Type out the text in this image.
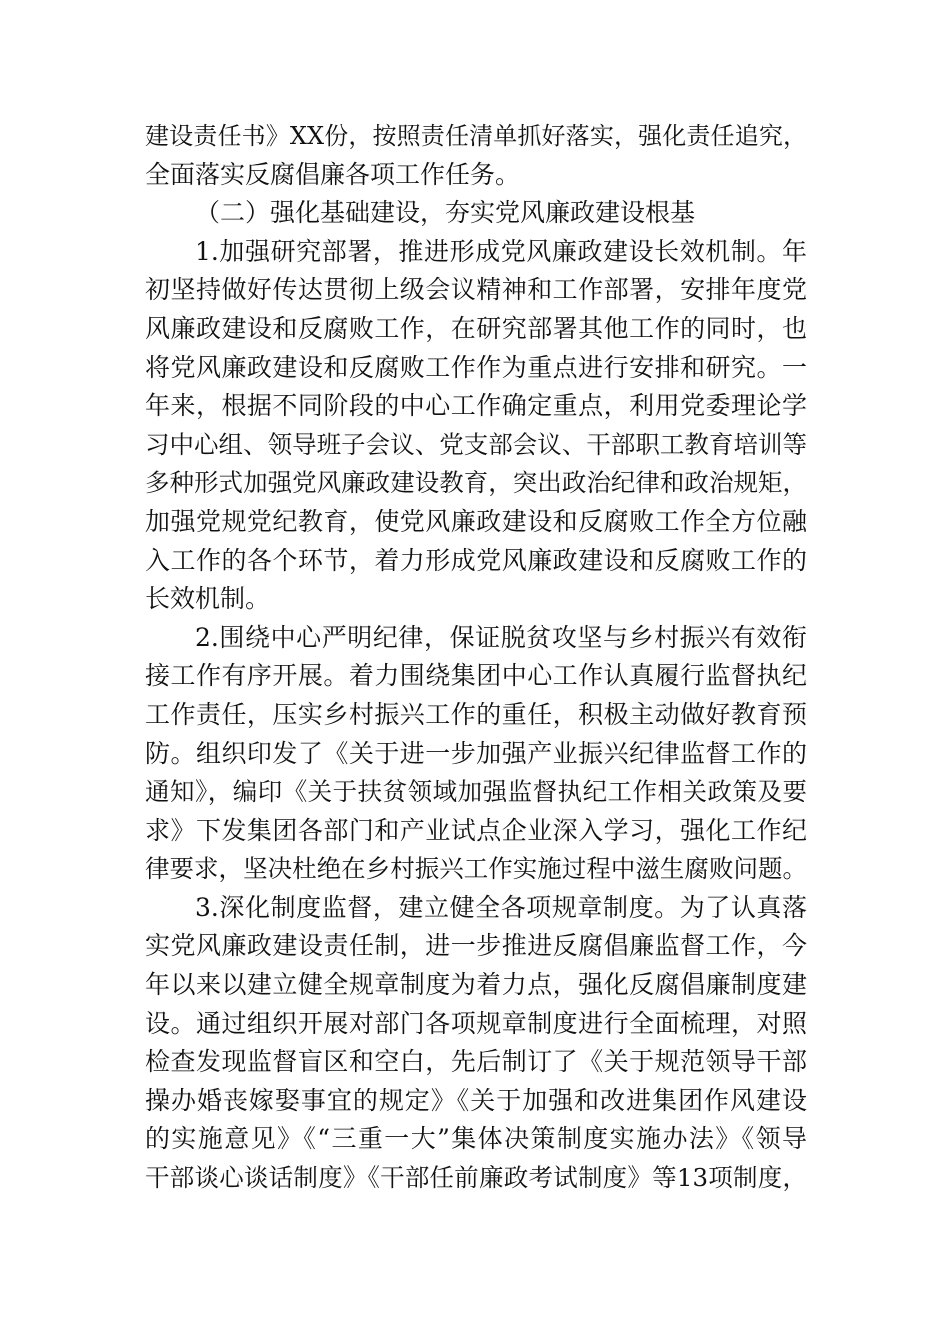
建设责任书》XX份，按照责任清单抓好落实，强化责任追究，
全面落实反腐倡廉各项工作任务。
（二）强化基础建设，夯实党风廉政建设根基
1.加强研究部署，推进形成党风廉政建设长效机制。年
初坚持做好传达贯彻上级会议精神和工作部署，安排年度党
风廉政建设和反腐败工作，在研究部署其他工作的同时，也
将党风廉政建设和反腐败工作作为重点进行安排和研究。一
年来，根据不同阶段的中心工作确定重点，利用党委理论学
习中心组、领导班子会议、党支部会议、干部职工教育培训等
多种形式加强党风廉政建设教育，突出政治纪律和政治规矩，
加强党规党纪教育，使党风廉政建设和反腐败工作全方位融
入工作的各个环节，着力形成党风廉政建设和反腐败工作的
长效机制。
2.围绕中心严明纪律，保证脱贫攻坚与乡村振兴有效衔
接工作有序开展。着力围绕集团中心工作认真履行监督执纪
工作责任，压实乡村振兴工作的重任，积极主动做好教育预
防。组织印发了《关于进一步加强产业振兴纪律监督工作的
通知》，编印《关于扶贫领域加强监督执纪工作相关政策及要
求》下发集团各部门和产业试点企业深入学习，强化工作纪
律要求，坚决杜绝在乡村振兴工作实施过程中滋生腐败问题。
3.深化制度监督，建立健全各项规章制度。为了认真落
实党风廉政建设责任制，进一步推进反腐倡廉监督工作，今
年以来以建立健全规章制度为着力点，强化反腐倡廉制度建
设。通过组织开展对部门各项规章制度进行全面梳理，对照
检查发现监督盲区和空白，先后制订了《关于规范领导干部
操办婚丧嫁娶事宜的规定》《关于加强和改进集团作风建设
的实施意见》《“三重一大”集体决策制度实施办法》《领导
干部谈心谈话制度》《干部任前廉政考试制度》等13项制度，
